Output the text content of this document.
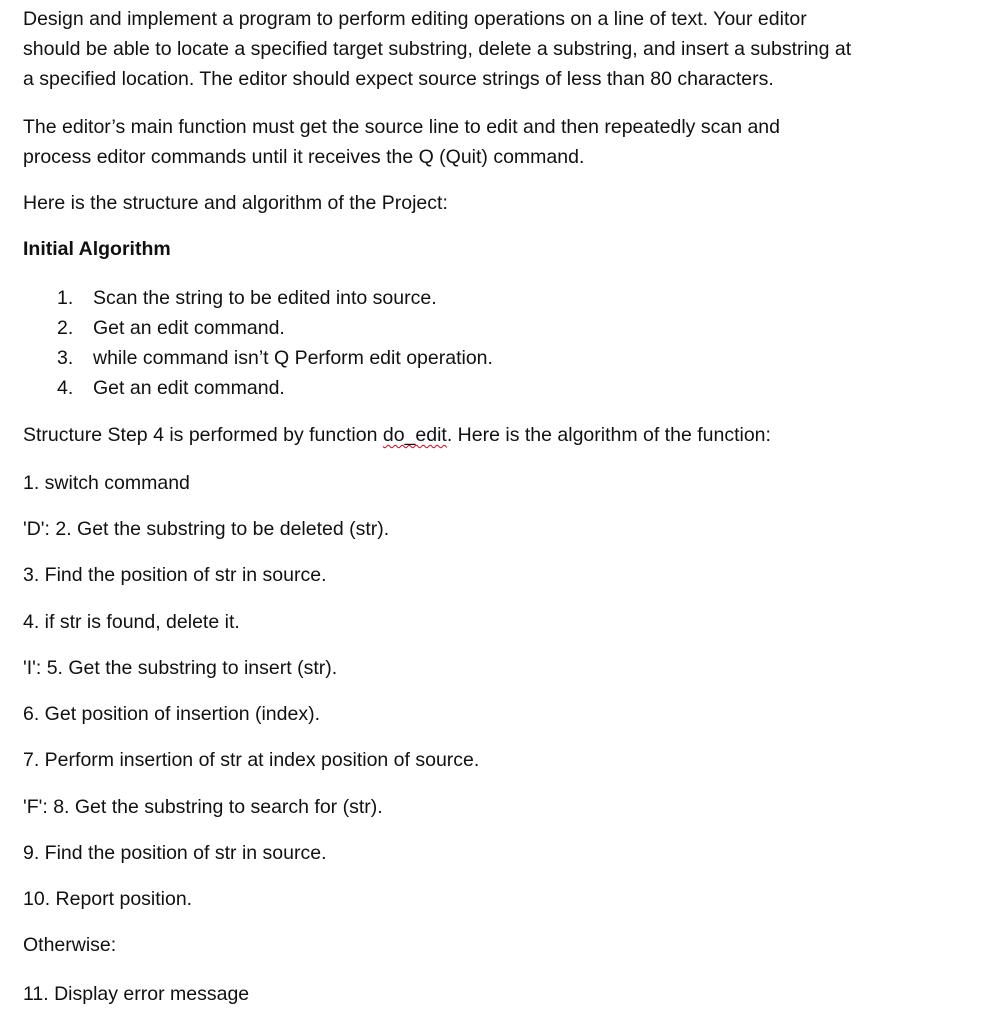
Design and implement a program to perform editing operations on a line of text. Your editor

should be able to locate a specified target substring, delete a substring, and insert a substring at

a specified location. The editor should expect source strings of less than 80 characters.

The editor’s main function must get the source line to edit and then repeatedly scan and

process editor commands until it receives the Q (Quit) command.

Here is the structure and algorithm of the Project:

Initial Algorithm

1. Scan the string to be edited into source.

2. Get an edit command.

3. while command isn’t Q Perform edit operation.

4. Get an edit command.

Structure Step 4 is performed by function do_edit. Here is the algorithm of the function:

1. switch command

'D': 2. Get the substring to be deleted (str).

3. Find the position of str in source.

4. if str is found, delete it.

'I': 5. Get the substring to insert (str).

6. Get position of insertion (index).

7. Perform insertion of str at index position of source.

'F': 8. Get the substring to search for (str).

9. Find the position of str in source.

10. Report position.

Otherwise:

11. Display error message
